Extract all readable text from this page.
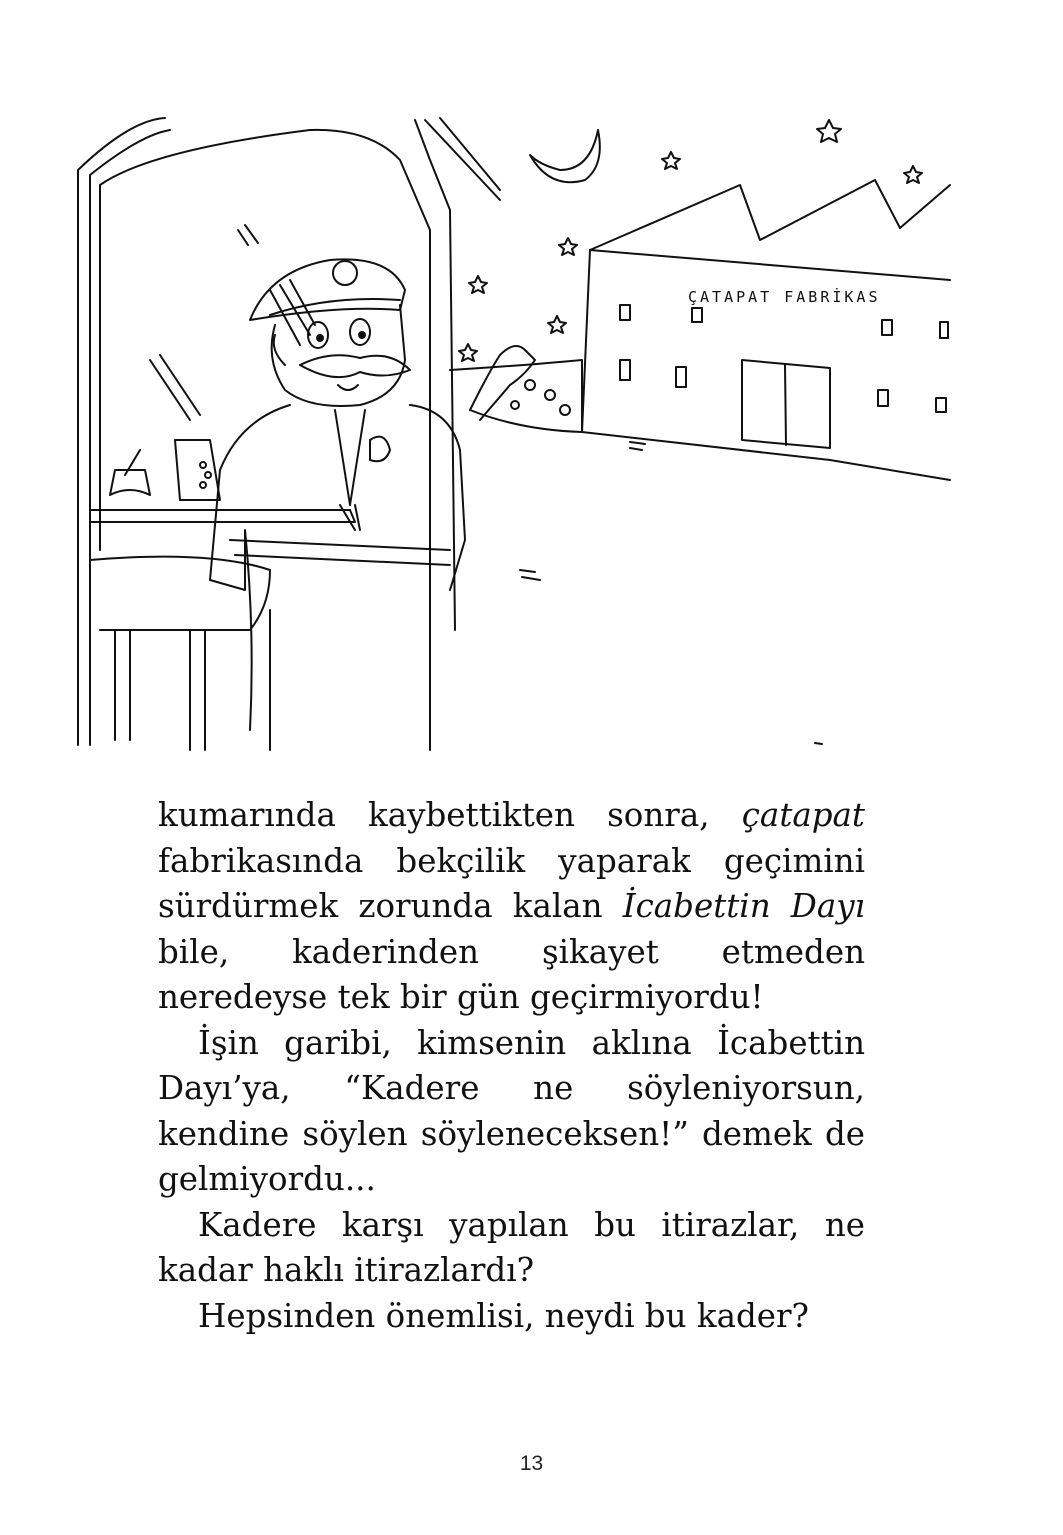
ÇATAPAT FABRİKAS

kumarında kaybettikten sonra, çatapat fabrikasında bekçilik yaparak geçimini sürdürmek zorunda kalan İcabettin Dayı bile, kaderinden şikayet etmeden neredeyse tek bir gün geçirmiyordu!

İşin garibi, kimsenin aklına İcabettin Dayı’ya, “Kadere ne söyleniyorsun, kendine söylen söyleneceksen!” demek de gelmiyordu...

Kadere karşı yapılan bu itirazlar, ne kadar haklı itirazlardı?

Hepsinden önemlisi, neydi bu kader?

13
